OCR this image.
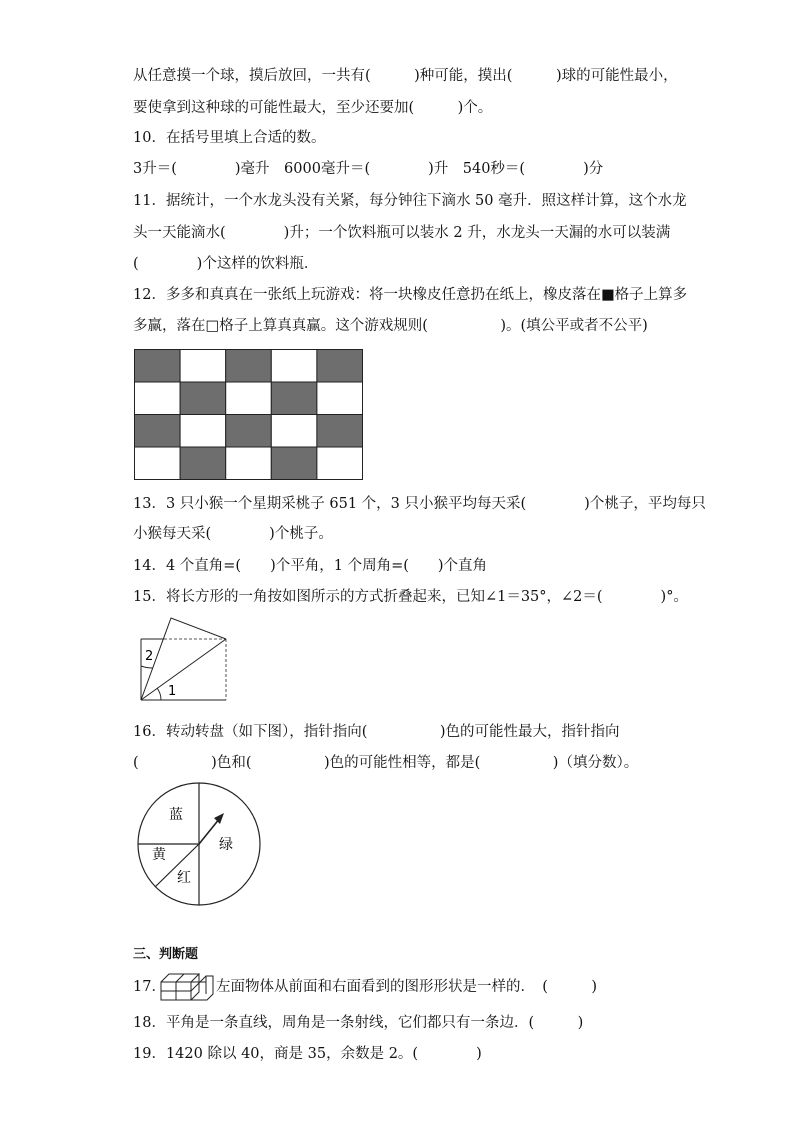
从任意摸一个球，摸后放回，一共有(　　　)种可能，摸出(　　　)球的可能性最小，
要使拿到这种球的可能性最大，至少还要加(　　　)个。
10．在括号里填上合适的数。
3升＝(　　　　)毫升　6000毫升＝(　　　　)升　540秒＝(　　　　)分
11．据统计，一个水龙头没有关紧，每分钟往下滴水 50 毫升．照这样计算，这个水龙
头一天能滴水(　　　　)升；一个饮料瓶可以装水 2 升，水龙头一天漏的水可以装满
(　　　　)个这样的饮料瓶．
12．多多和真真在一张纸上玩游戏：将一块橡皮任意扔在纸上，橡皮落在■格子上算多
多赢，落在□格子上算真真赢。这个游戏规则(　　　　　)。(填公平或者不公平)
13．3 只小猴一个星期采桃子 651 个，3 只小猴平均每天采(　　　　)个桃子，平均每只
小猴每天采(　　　　)个桃子。
14．4 个直角=(　　)个平角，1 个周角=(　　)个直角
15．将长方形的一角按如图所示的方式折叠起来，已知∠1＝35°，∠2＝(　　　　)°。
1
2
16．转动转盘（如下图），指针指向(　　　　　)色的可能性最大，指针指向
(　　　　　)色和(　　　　　)色的可能性相等，都是(　　　　　)（填分数）。
蓝
黄
红
绿
三、判断题
17．	左面物体从前面和右面看到的图形形状是一样的．　(　　　)
18．平角是一条直线，周角是一条射线，它们都只有一条边．(　　　)
19．1420 除以 40，商是 35，余数是 2。(　　　　)
